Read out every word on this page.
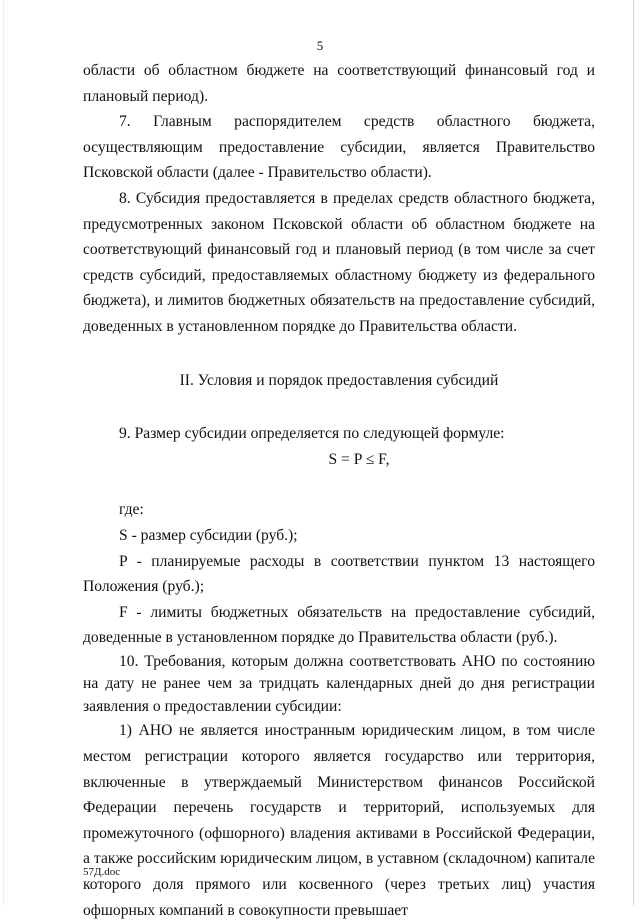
5

области об областном бюджете на соответствующий финансовый год и плановый период).

7. Главным распорядителем средств областного бюджета, осуществляющим предоставление субсидии, является Правительство Псковской области (далее - Правительство области).

8. Субсидия предоставляется в пределах средств областного бюджета, предусмотренных законом Псковской области об областном бюджете на соответствующий финансовый год и плановый период (в том числе за счет средств субсидий, предоставляемых областному бюджету из федерального бюджета), и лимитов бюджетных обязательств на предоставление субсидий, доведенных в установленном порядке до Правительства области.

II. Условия и порядок предоставления субсидий

9. Размер субсидии определяется по следующей формуле:

S = P ≤ F,

где:

S - размер субсидии (руб.);

P - планируемые расходы в соответствии пунктом 13 настоящего Положения (руб.);

F - лимиты бюджетных обязательств на предоставление субсидий, доведенные в установленном порядке до Правительства области (руб.).

10. Требования, которым должна соответствовать АНО по состоянию на дату не ранее чем за тридцать календарных дней до дня регистрации заявления о предоставлении субсидии:

1) АНО не является иностранным юридическим лицом, в том числе местом регистрации которого является государство или территория, включенные в утверждаемый Министерством финансов Российской Федерации перечень государств и территорий, используемых для промежуточного (офшорного) владения активами в Российской Федерации, а также российским юридическим лицом, в уставном (складочном) капитале которого доля прямого или косвенного (через третьих лиц) участия офшорных компаний в совокупности превышает

57Д.doc
